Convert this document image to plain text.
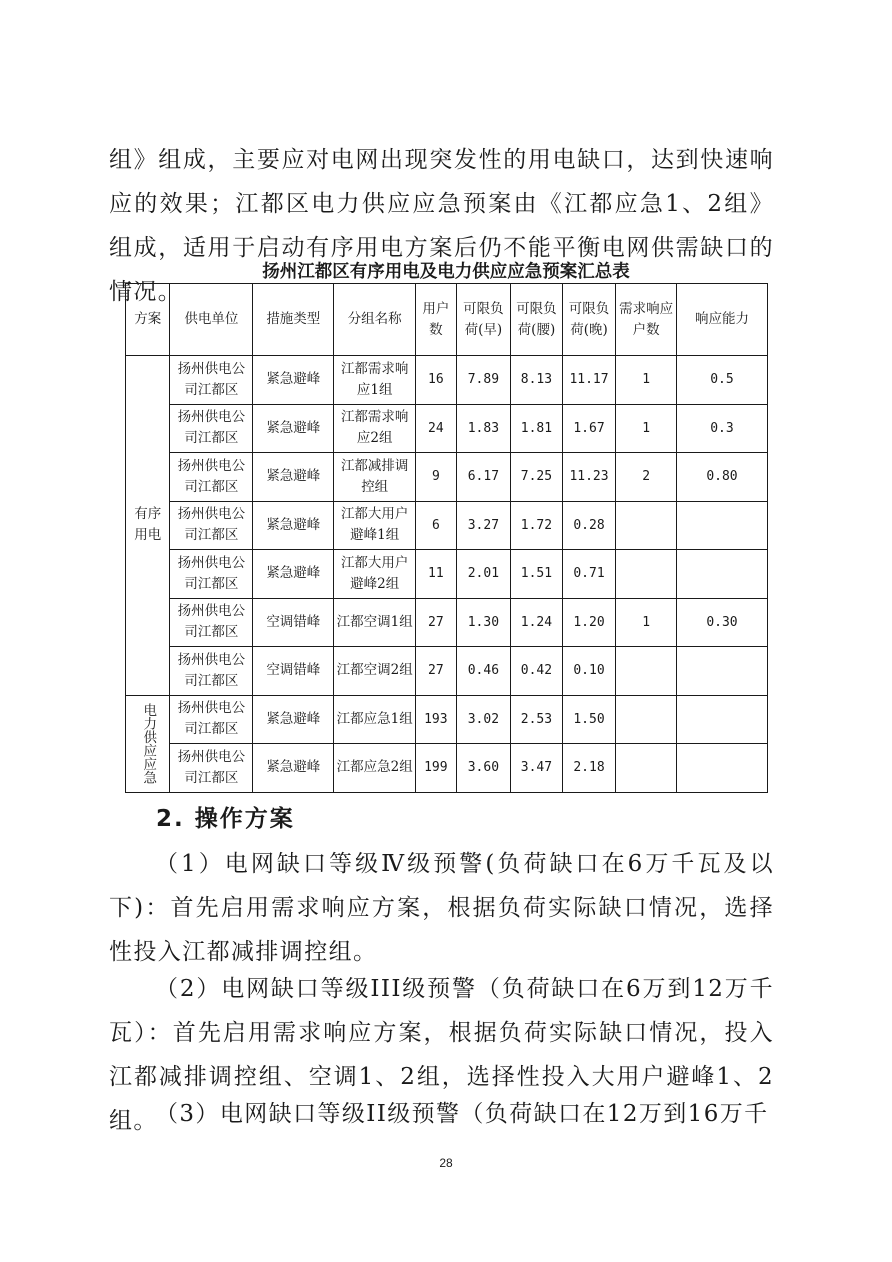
组》组成，主要应对电网出现突发性的用电缺口，达到快速响应的效果；江都区电力供应应急预案由《江都应急1、2组》组成，适用于启动有序用电方案后仍不能平衡电网供需缺口的情况。

扬州江都区有序用电及电力供应应急预案汇总表
方案	供电单位	措施类型	分组名称	用户数	可限负荷(早)	可限负荷(腰)	可限负荷(晚)	需求响应户数	响应能力
有序用电	扬州供电公司江都区	紧急避峰	江都需求响应1组	16	7.89	8.13	11.17	1	0.5
	扬州供电公司江都区	紧急避峰	江都需求响应2组	24	1.83	1.81	1.67	1	0.3
	扬州供电公司江都区	紧急避峰	江都减排调控组	9	6.17	7.25	11.23	2	0.80
	扬州供电公司江都区	紧急避峰	江都大用户避峰1组	6	3.27	1.72	0.28		
	扬州供电公司江都区	紧急避峰	江都大用户避峰2组	11	2.01	1.51	0.71		
	扬州供电公司江都区	空调错峰	江都空调1组	27	1.30	1.24	1.20	1	0.30
	扬州供电公司江都区	空调错峰	江都空调2组	27	0.46	0.42	0.10		
电力供应应急	扬州供电公司江都区	紧急避峰	江都应急1组	193	3.02	2.53	1.50		
	扬州供电公司江都区	紧急避峰	江都应急2组	199	3.60	3.47	2.18		
2. 操作方案

（1）电网缺口等级Ⅳ级预警(负荷缺口在6万千瓦及以下)：首先启用需求响应方案，根据负荷实际缺口情况，选择性投入江都减排调控组。

（2）电网缺口等级III级预警（负荷缺口在6万到12万千瓦）：首先启用需求响应方案，根据负荷实际缺口情况，投入江都减排调控组、空调1、2组，选择性投入大用户避峰1、2组。

（3）电网缺口等级II级预警（负荷缺口在12万到16万千

28
